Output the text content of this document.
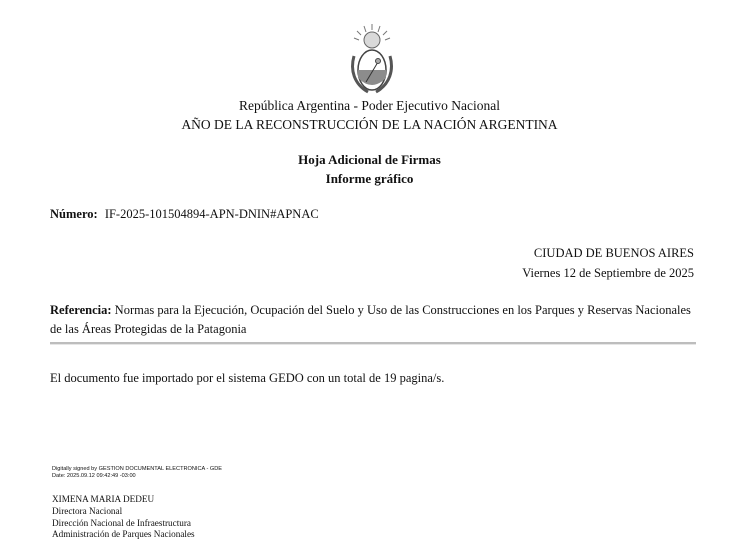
República Argentina - Poder Ejecutivo Nacional
AÑO DE LA RECONSTRUCCIÓN DE LA NACIÓN ARGENTINA
Hoja Adicional de Firmas
Informe gráfico
Número: IF-2025-101504894-APN-DNIN#APNAC
CIUDAD DE BUENOS AIRES
Viernes 12 de Septiembre de 2025
Referencia: Normas para la Ejecución, Ocupación del Suelo y Uso de las Construcciones en los Parques y Reservas Nacionales de las Áreas Protegidas de la Patagonia
El documento fue importado por el sistema GEDO con un total de 19 pagina/s.
Digitally signed by GESTION DOCUMENTAL ELECTRONICA - GDE
Date: 2025.09.12 09:42:49 -03:00
XIMENA MARIA DEDEU
Directora Nacional
Dirección Nacional de Infraestructura
Administración de Parques Nacionales
